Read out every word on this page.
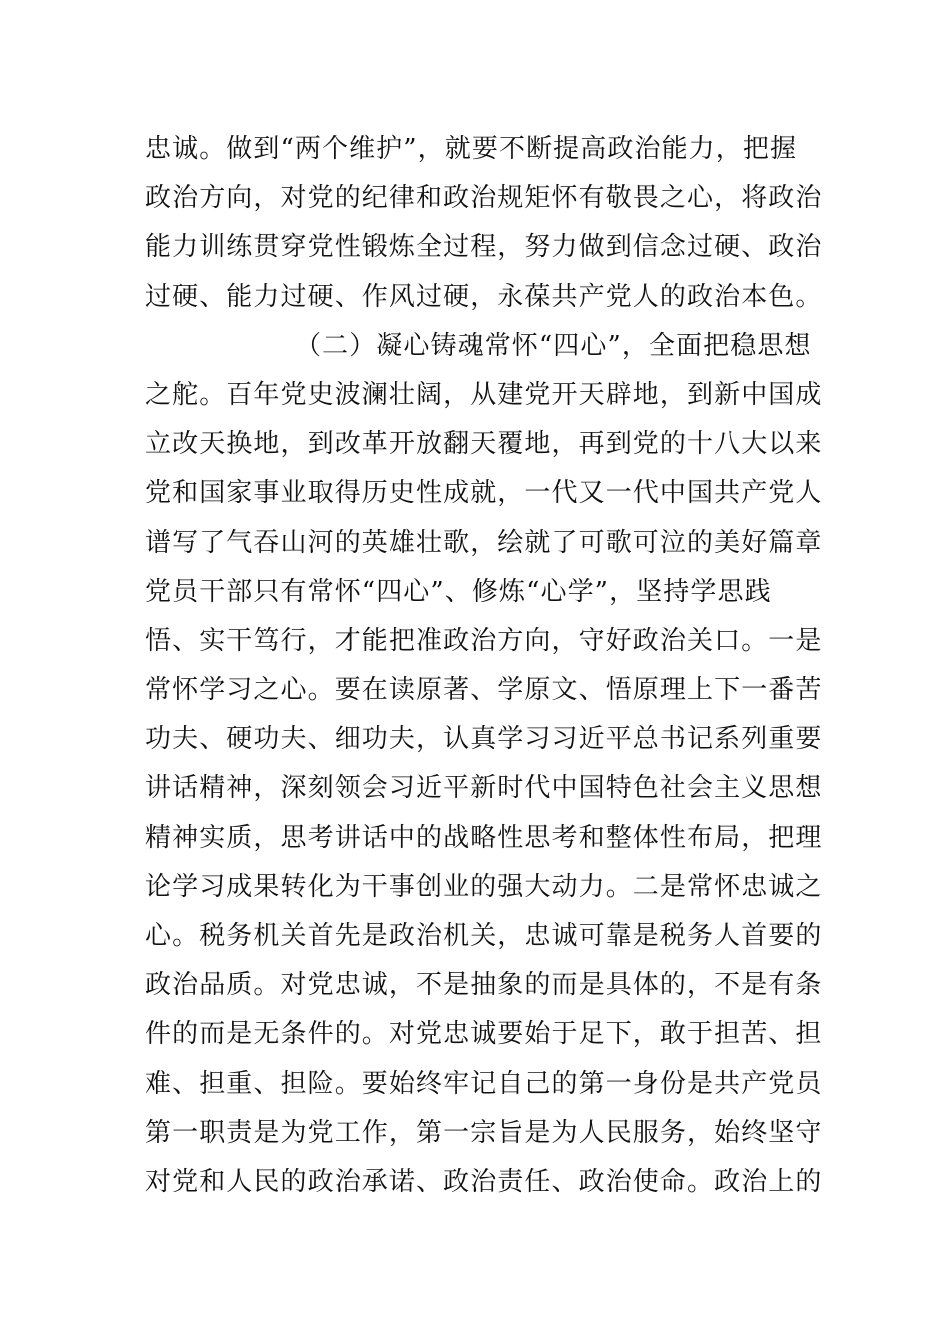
忠诚。做到“两个维护”，就要不断提高政治能力，把握
政治方向，对党的纪律和政治规矩怀有敬畏之心，将政治
能力训练贯穿党性锻炼全过程，努力做到信念过硬、政治
过硬、能力过硬、作风过硬，永葆共产党人的政治本色。
（二）凝心铸魂常怀“四心”，全面把稳思想
之舵。百年党史波澜壮阔，从建党开天辟地，到新中国成
立改天换地，到改革开放翻天覆地，再到党的十八大以来
党和国家事业取得历史性成就，一代又一代中国共产党人
谱写了气吞山河的英雄壮歌，绘就了可歌可泣的美好篇章
党员干部只有常怀“四心”、修炼“心学”，坚持学思践
悟、实干笃行，才能把准政治方向，守好政治关口。一是
常怀学习之心。要在读原著、学原文、悟原理上下一番苦
功夫、硬功夫、细功夫，认真学习习近平总书记系列重要
讲话精神，深刻领会习近平新时代中国特色社会主义思想
精神实质，思考讲话中的战略性思考和整体性布局，把理
论学习成果转化为干事创业的强大动力。二是常怀忠诚之
心。税务机关首先是政治机关，忠诚可靠是税务人首要的
政治品质。对党忠诚，不是抽象的而是具体的，不是有条
件的而是无条件的。对党忠诚要始于足下，敢于担苦、担
难、担重、担险。要始终牢记自己的第一身份是共产党员
第一职责是为党工作，第一宗旨是为人民服务，始终坚守
对党和人民的政治承诺、政治责任、政治使命。政治上的
